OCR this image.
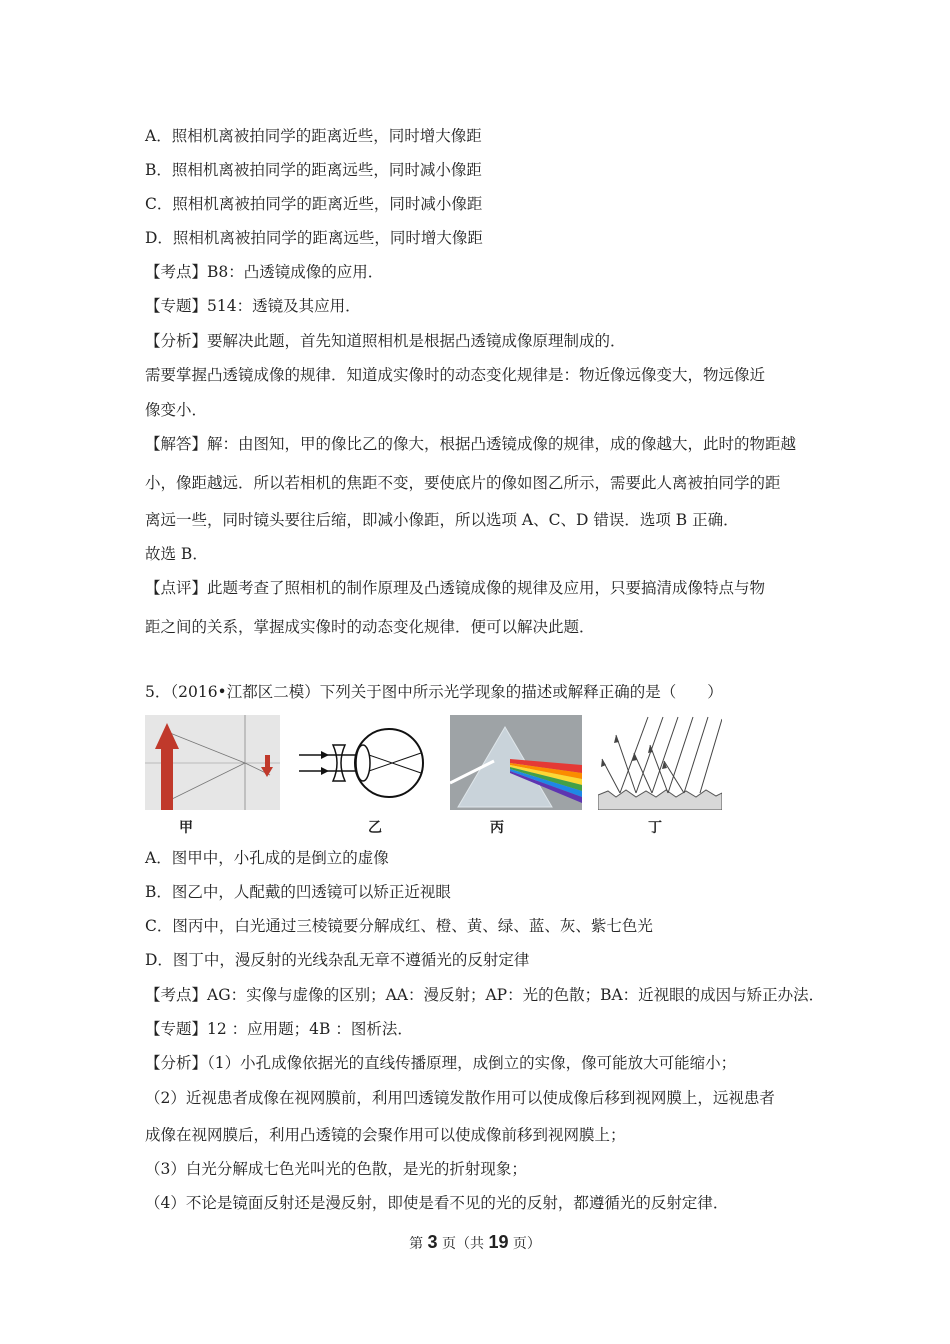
A．照相机离被拍同学的距离近些，同时增大像距
B．照相机离被拍同学的距离远些，同时减小像距
C．照相机离被拍同学的距离近些，同时减小像距
D．照相机离被拍同学的距离远些，同时增大像距
【考点】B8：凸透镜成像的应用．
【专题】514：透镜及其应用．
【分析】要解决此题，首先知道照相机是根据凸透镜成像原理制成的．
需要掌握凸透镜成像的规律．知道成实像时的动态变化规律是：物近像远像变大，物远像近
像变小．
【解答】解：由图知，甲的像比乙的像大，根据凸透镜成像的规律，成的像越大，此时的物距越
小，像距越远．所以若相机的焦距不变，要使底片的像如图乙所示，需要此人离被拍同学的距
离远一些，同时镜头要往后缩，即减小像距，所以选项 A、C、D 错误．选项 B 正确．
故选 B．
【点评】此题考查了照相机的制作原理及凸透镜成像的规律及应用，只要搞清成像特点与物
距之间的关系，掌握成实像时的动态变化规律．便可以解决此题．
5．（2016•江都区二模）下列关于图中所示光学现象的描述或解释正确的是（　　）
甲	乙	丙	丁
A．图甲中，小孔成的是倒立的虚像
B．图乙中，人配戴的凹透镜可以矫正近视眼
C．图丙中，白光通过三棱镜要分解成红、橙、黄、绿、蓝、灰、紫七色光
D．图丁中，漫反射的光线杂乱无章不遵循光的反射定律
【考点】AG：实像与虚像的区别；AA：漫反射；AP：光的色散；BA：近视眼的成因与矫正办法．
【专题】12 ：应用题；4B ：图析法．
【分析】（1）小孔成像依据光的直线传播原理，成倒立的实像，像可能放大可能缩小；
（2）近视患者成像在视网膜前，利用凹透镜发散作用可以使成像后移到视网膜上，远视患者
成像在视网膜后，利用凸透镜的会聚作用可以使成像前移到视网膜上；
（3）白光分解成七色光叫光的色散，是光的折射现象；
（4）不论是镜面反射还是漫反射，即使是看不见的光的反射，都遵循光的反射定律．
第 3 页（共 19 页）
